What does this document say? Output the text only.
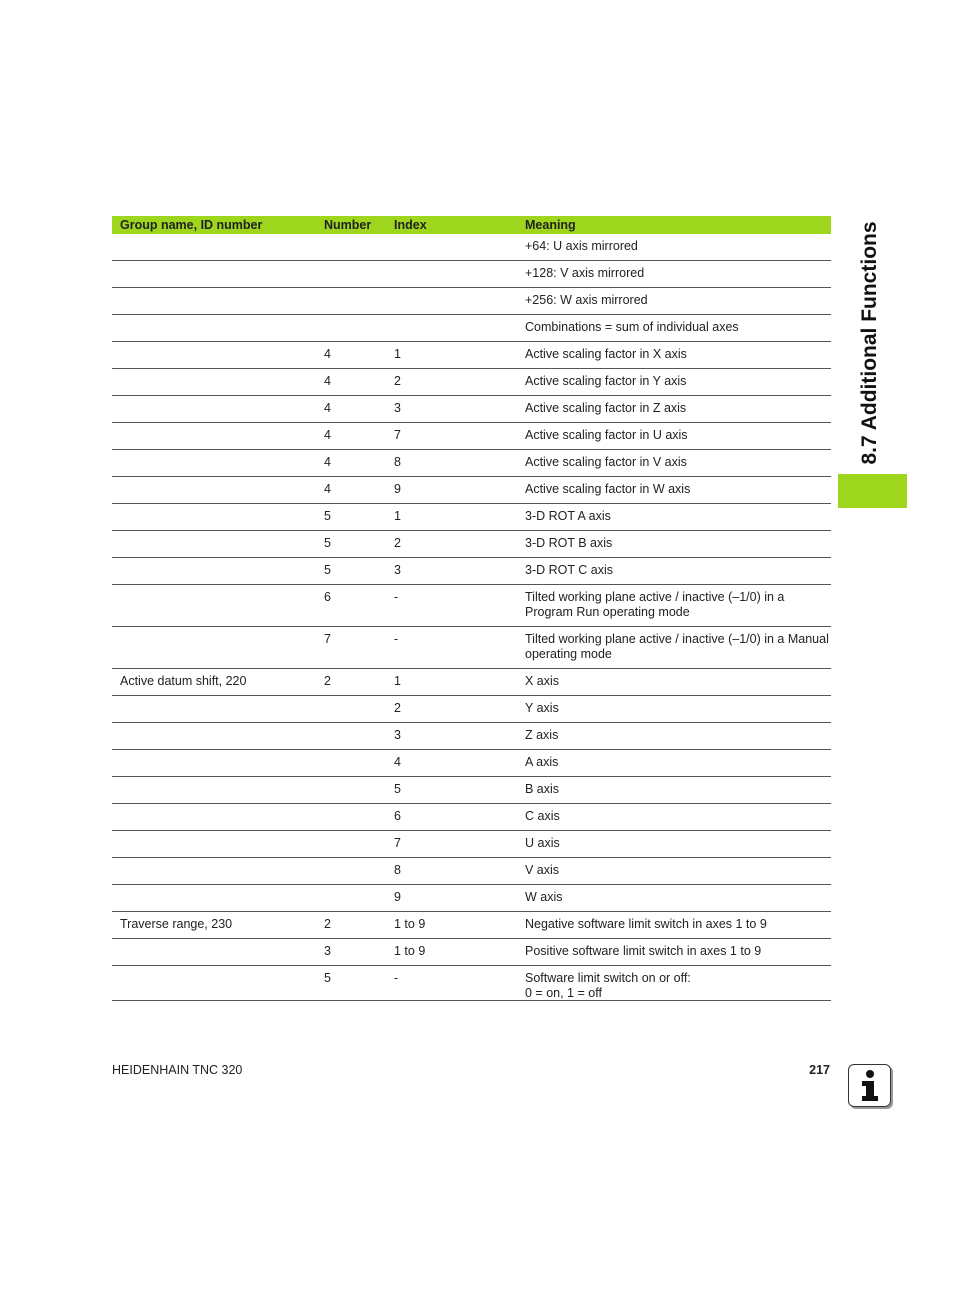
8.7 Additional Functions
Group name, ID number	Number	Index	Meaning
			+64: U axis mirrored
			+128: V axis mirrored
			+256: W axis mirrored
			Combinations = sum of individual axes
	4	1	Active scaling factor in X axis
	4	2	Active scaling factor in Y axis
	4	3	Active scaling factor in Z axis
	4	7	Active scaling factor in U axis
	4	8	Active scaling factor in V axis
	4	9	Active scaling factor in W axis
	5	1	3-D ROT A axis
	5	2	3-D ROT B axis
	5	3	3-D ROT C axis
	6	-	Tilted working plane active / inactive (–1/0) in a Program Run operating mode
	7	-	Tilted working plane active / inactive (–1/0) in a Manual operating mode
Active datum shift, 220	2	1	X axis
		2	Y axis
		3	Z axis
		4	A axis
		5	B axis
		6	C axis
		7	U axis
		8	V axis
		9	W axis
Traverse range, 230	2	1 to 9	Negative software limit switch in axes 1 to 9
	3	1 to 9	Positive software limit switch in axes 1 to 9
	5	-	Software limit switch on or off:
0 = on, 1 = off
HEIDENHAIN TNC 320	217
